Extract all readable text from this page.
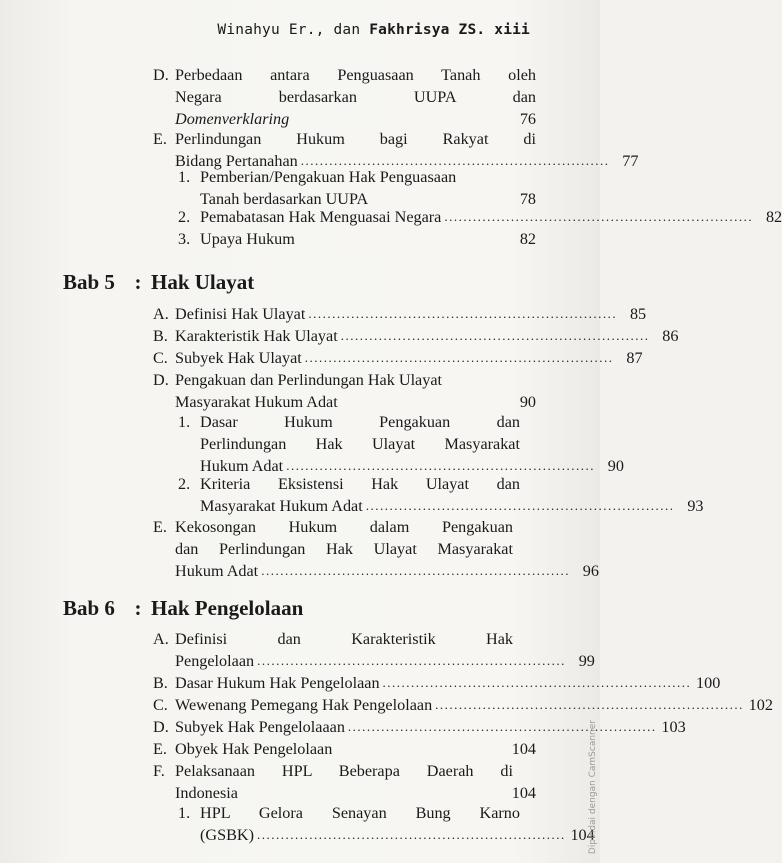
Winahyu Er., dan Fakhrisya ZS. xiii
D. Perbedaan antara Penguasaan Tanah oleh
Negara berdasarkan UUPA dan
Domenverklaring	76
E. Perlindungan Hukum bagi Rakyat di
Bidang Pertanahan ................................................................. 77
1. Pemberian/Pengakuan Hak Penguasaan
Tanah berdasarkan UUPA	78
2. Pemabatasan Hak Menguasai Negara ................................................................. 82
3. Upaya Hukum	82
Bab 5 : Hak Ulayat
A. Definisi Hak Ulayat ................................................................. 85
B. Karakteristik Hak Ulayat ................................................................. 86
C. Subyek Hak Ulayat ................................................................. 87
D. Pengakuan dan Perlindungan Hak Ulayat
Masyarakat Hukum Adat	90
1. Dasar Hukum Pengakuan dan
Perlindungan Hak Ulayat Masyarakat
Hukum Adat ................................................................. 90
2. Kriteria Eksistensi Hak Ulayat dan
Masyarakat Hukum Adat ................................................................. 93
E. Kekosongan Hukum dalam Pengakuan
dan Perlindungan Hak Ulayat Masyarakat
Hukum Adat ................................................................. 96
Bab 6 : Hak Pengelolaan
A. Definisi dan Karakteristik Hak
Pengelolaan ................................................................. 99
B. Dasar Hukum Hak Pengelolaan ................................................................. 100
C. Wewenang Pemegang Hak Pengelolaan ................................................................. 102
D. Subyek Hak Pengelolaaan ................................................................. 103
E. Obyek Hak Pengelolaan	104
F. Pelaksanaan HPL Beberapa Daerah di
Indonesia	104
1. HPL Gelora Senayan Bung Karno
(GSBK) ................................................................. 104
Dipindai dengan CamScanner
